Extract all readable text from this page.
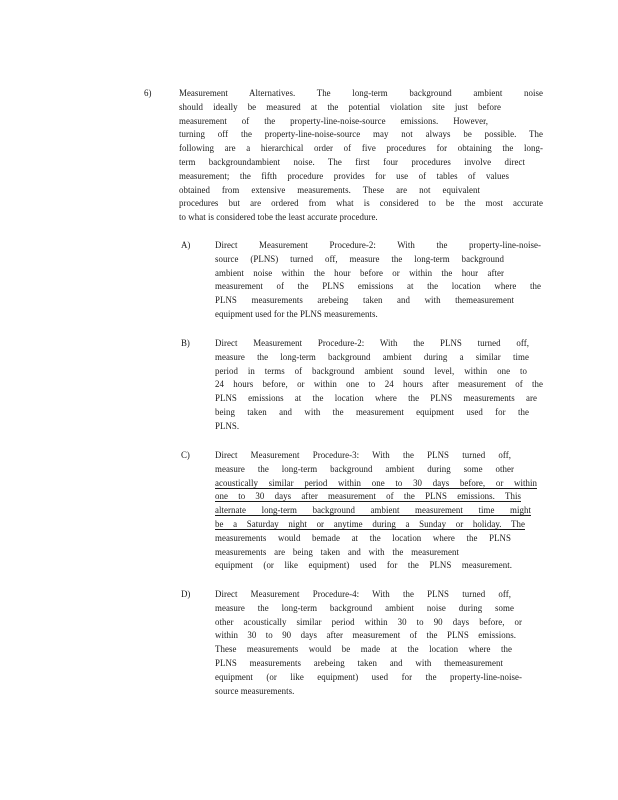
6)	Measurement Alternatives. The long-term background ambient noise
should ideally be measured at the potential violation site just before
measurement of the property-line-noise-source emissions. However,
turning off the property-line-noise-source may not always be possible. The
following are a hierarchical order of five procedures for obtaining the long-
term backgroundambient noise. The first four procedures involve direct
measurement; the fifth procedure provides for use of tables of values
obtained from extensive measurements. These are not equivalent
procedures but are ordered from what is considered to be the most accurate
to what is considered tobe the least accurate procedure.
A)	Direct Measurement Procedure-2: With the property-line-noise-
source (PLNS) turned off, measure the long-term background
ambient noise within the hour before or within the hour after
measurement of the PLNS emissions at the location where the
PLNS measurements arebeing taken and with themeasurement
equipment used for the PLNS measurements.
B)	Direct Measurement Procedure-2: With the PLNS turned off,
measure the long-term background ambient during a similar time
period in terms of background ambient sound level, within one to
24 hours before, or within one to 24 hours after measurement of the
PLNS emissions at the location where the PLNS measurements are
being taken and with the measurement equipment used for the
PLNS.
C)	Direct Measurement Procedure-3: With the PLNS turned off,
measure the long-term background ambient during some other
acoustically similar period within one to 30 days before, or within
one to 30 days after measurement of the PLNS emissions. This
alternate long-term background ambient measurement time might
be a Saturday night or anytime during a Sunday or holiday. The
measurements would bemade at the location where the PLNS
measurements are being taken and with the measurement
equipment (or like equipment) used for the PLNS measurement.
D)	Direct Measurement Procedure-4: With the PLNS turned off,
measure the long-term background ambient noise during some
other acoustically similar period within 30 to 90 days before, or
within 30 to 90 days after measurement of the PLNS emissions.
These measurements would be made at the location where the
PLNS measurements arebeing taken and with themeasurement
equipment (or like equipment) used for the property-line-noise-
source measurements.
